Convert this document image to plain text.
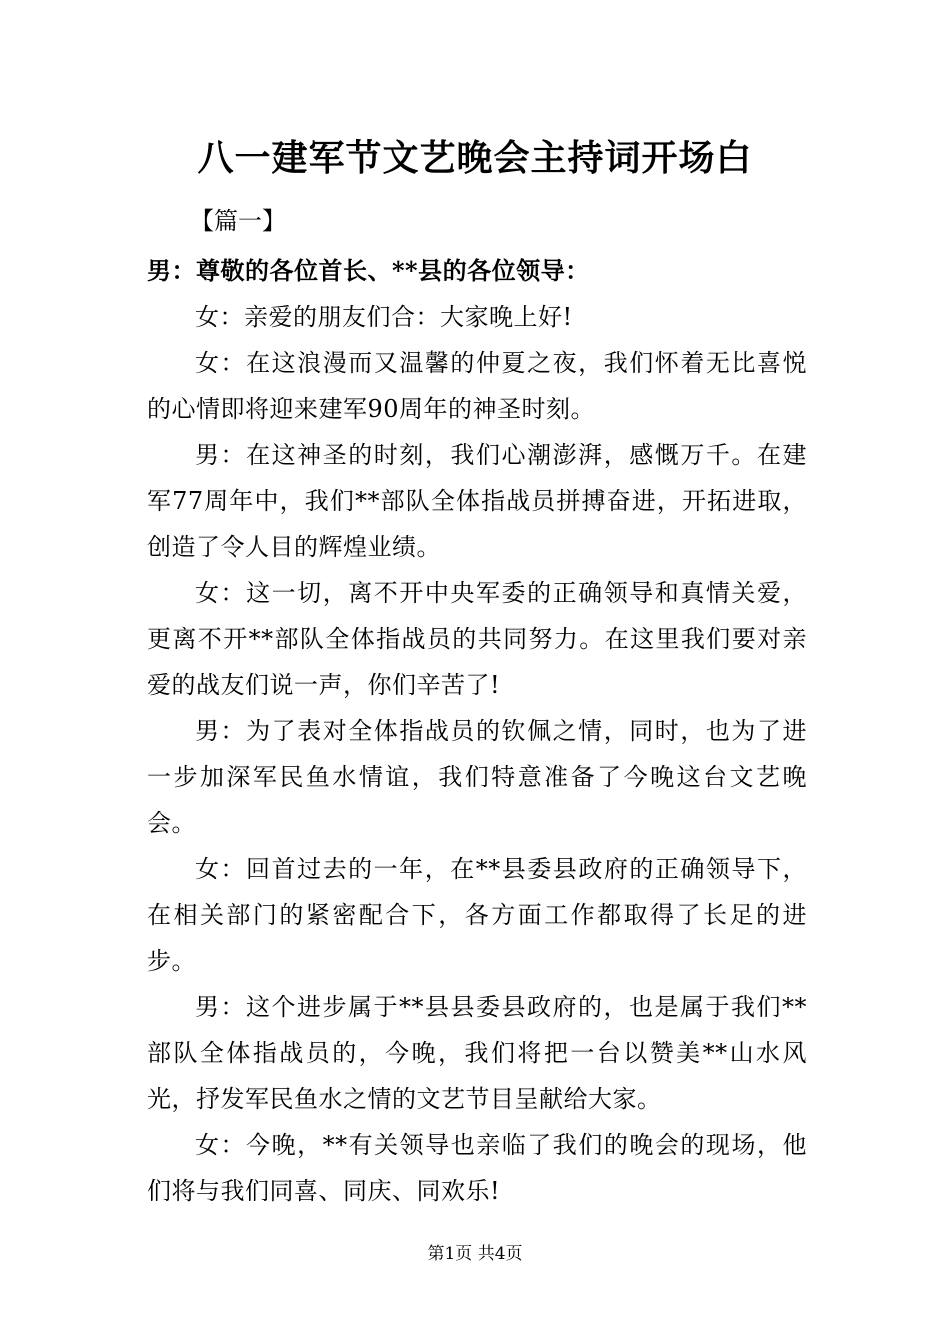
八一建军节文艺晚会主持词开场白
【篇一】

男：尊敬的各位首长、**县的各位领导：

女：亲爱的朋友们合：大家晚上好!

女：在这浪漫而又温馨的仲夏之夜，我们怀着无比喜悦的心情即将迎来建军90周年的神圣时刻。

男：在这神圣的时刻，我们心潮澎湃，感慨万千。在建军77周年中，我们**部队全体指战员拼搏奋进，开拓进取，创造了令人目的辉煌业绩。

女：这一切，离不开中央军委的正确领导和真情关爱，更离不开**部队全体指战员的共同努力。在这里我们要对亲爱的战友们说一声，你们辛苦了!

男：为了表对全体指战员的钦佩之情，同时，也为了进一步加深军民鱼水情谊，我们特意准备了今晚这台文艺晚会。

女：回首过去的一年，在**县委县政府的正确领导下，在相关部门的紧密配合下，各方面工作都取得了长足的进步。

男：这个进步属于**县县委县政府的，也是属于我们**部队全体指战员的，今晚，我们将把一台以赞美**山水风光，抒发军民鱼水之情的文艺节目呈献给大家。

女：今晚，**有关领导也亲临了我们的晚会的现场，他们将与我们同喜、同庆、同欢乐!

第1页 共4页
